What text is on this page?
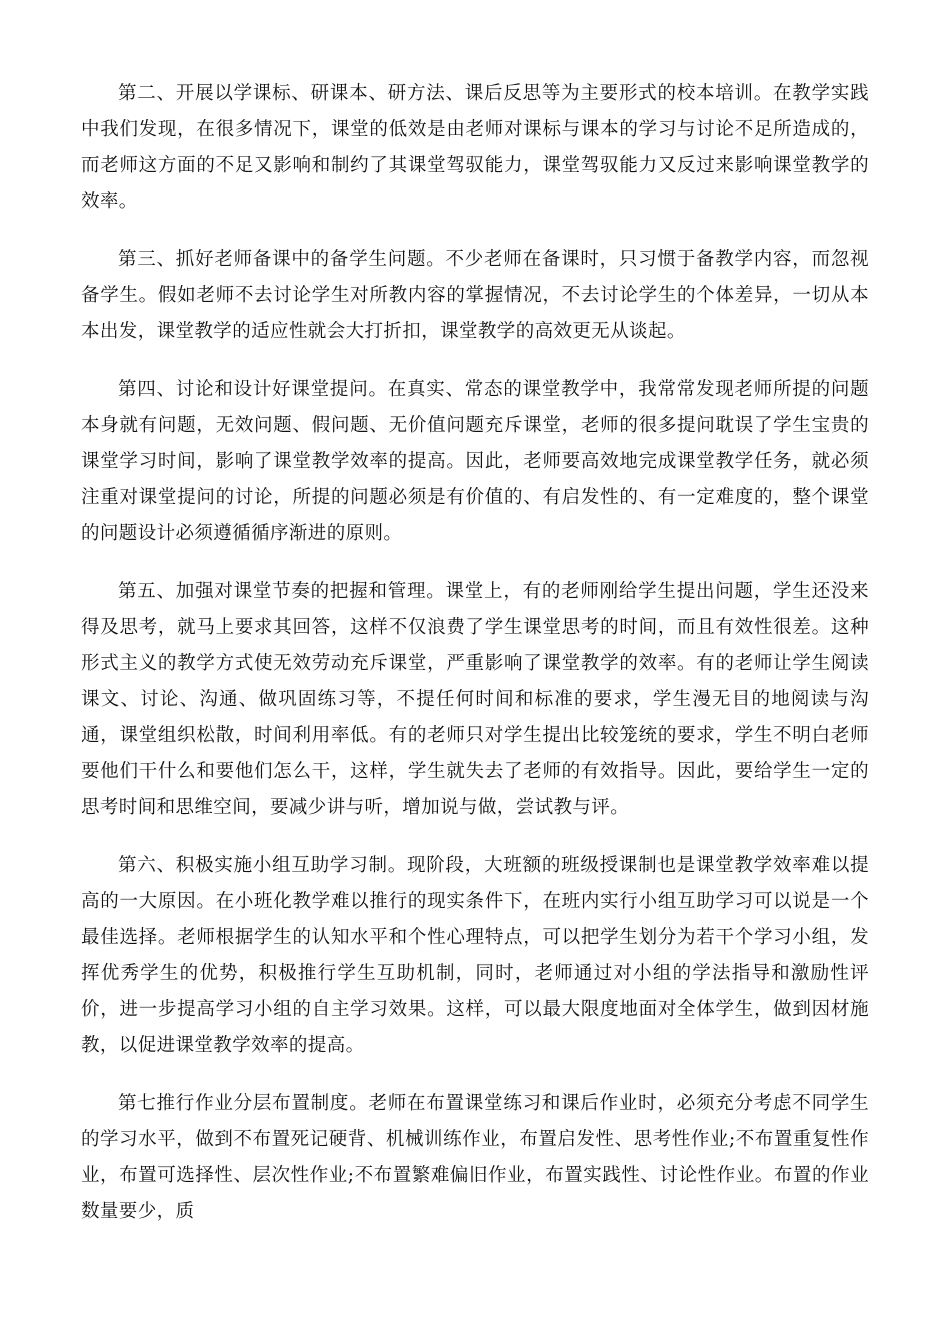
第二、开展以学课标、研课本、研方法、课后反思等为主要形式的校本培训。在教学实践中我们发现，在很多情况下，课堂的低效是由老师对课标与课本的学习与讨论不足所造成的，而老师这方面的不足又影响和制约了其课堂驾驭能力，课堂驾驭能力又反过来影响课堂教学的效率。

第三、抓好老师备课中的备学生问题。不少老师在备课时，只习惯于备教学内容，而忽视备学生。假如老师不去讨论学生对所教内容的掌握情况，不去讨论学生的个体差异，一切从本本出发，课堂教学的适应性就会大打折扣，课堂教学的高效更无从谈起。

第四、讨论和设计好课堂提问。在真实、常态的课堂教学中，我常常发现老师所提的问题本身就有问题，无效问题、假问题、无价值问题充斥课堂，老师的很多提问耽误了学生宝贵的课堂学习时间，影响了课堂教学效率的提高。因此，老师要高效地完成课堂教学任务，就必须注重对课堂提问的讨论，所提的问题必须是有价值的、有启发性的、有一定难度的，整个课堂的问题设计必须遵循循序渐进的原则。

第五、加强对课堂节奏的把握和管理。课堂上，有的老师刚给学生提出问题，学生还没来得及思考，就马上要求其回答，这样不仅浪费了学生课堂思考的时间，而且有效性很差。这种形式主义的教学方式使无效劳动充斥课堂，严重影响了课堂教学的效率。有的老师让学生阅读课文、讨论、沟通、做巩固练习等，不提任何时间和标准的要求，学生漫无目的地阅读与沟通，课堂组织松散，时间利用率低。有的老师只对学生提出比较笼统的要求，学生不明白老师要他们干什么和要他们怎么干，这样，学生就失去了老师的有效指导。因此，要给学生一定的思考时间和思维空间，要减少讲与听，增加说与做，尝试教与评。

第六、积极实施小组互助学习制。现阶段，大班额的班级授课制也是课堂教学效率难以提高的一大原因。在小班化教学难以推行的现实条件下，在班内实行小组互助学习可以说是一个最佳选择。老师根据学生的认知水平和个性心理特点，可以把学生划分为若干个学习小组，发挥优秀学生的优势，积极推行学生互助机制，同时，老师通过对小组的学法指导和激励性评价，进一步提高学习小组的自主学习效果。这样，可以最大限度地面对全体学生，做到因材施教，以促进课堂教学效率的提高。

第七推行作业分层布置制度。老师在布置课堂练习和课后作业时，必须充分考虑不同学生的学习水平，做到不布置死记硬背、机械训练作业，布置启发性、思考性作业;不布置重复性作业，布置可选择性、层次性作业;不布置繁难偏旧作业，布置实践性、讨论性作业。布置的作业数量要少，质
